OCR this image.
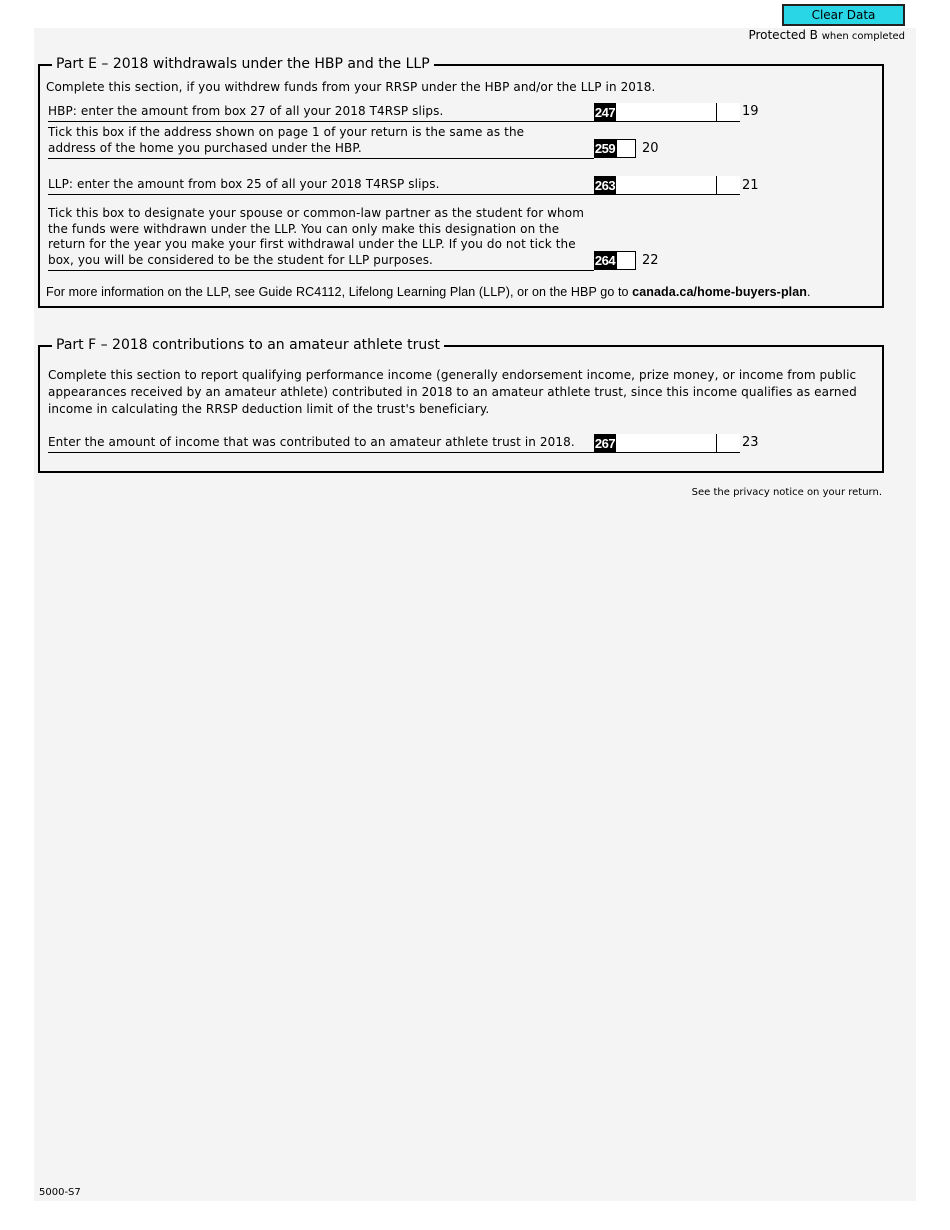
Clear Data
Protected B when completed
Part E – 2018 withdrawals under the HBP and the LLP
Complete this section, if you withdrew funds from your RRSP under the HBP and/or the LLP in 2018.
HBP: enter the amount from box 27 of all your 2018 T4RSP slips.	247	19
Tick this box if the address shown on page 1 of your return is the same as the address of the home you purchased under the HBP.	259 20
LLP: enter the amount from box 25 of all your 2018 T4RSP slips.	263	21
Tick this box to designate your spouse or common-law partner as the student for whom the funds were withdrawn under the LLP. You can only make this designation on the return for the year you make your first withdrawal under the LLP. If you do not tick the box, you will be considered to be the student for LLP purposes.	264 22
For more information on the LLP, see Guide RC4112, Lifelong Learning Plan (LLP), or on the HBP go to canada.ca/home-buyers-plan.
Part F – 2018 contributions to an amateur athlete trust
Complete this section to report qualifying performance income (generally endorsement income, prize money, or income from public appearances received by an amateur athlete) contributed in 2018 to an amateur athlete trust, since this income qualifies as earned income in calculating the RRSP deduction limit of the trust's beneficiary.
Enter the amount of income that was contributed to an amateur athlete trust in 2018.	267	23
See the privacy notice on your return.
5000-S7
